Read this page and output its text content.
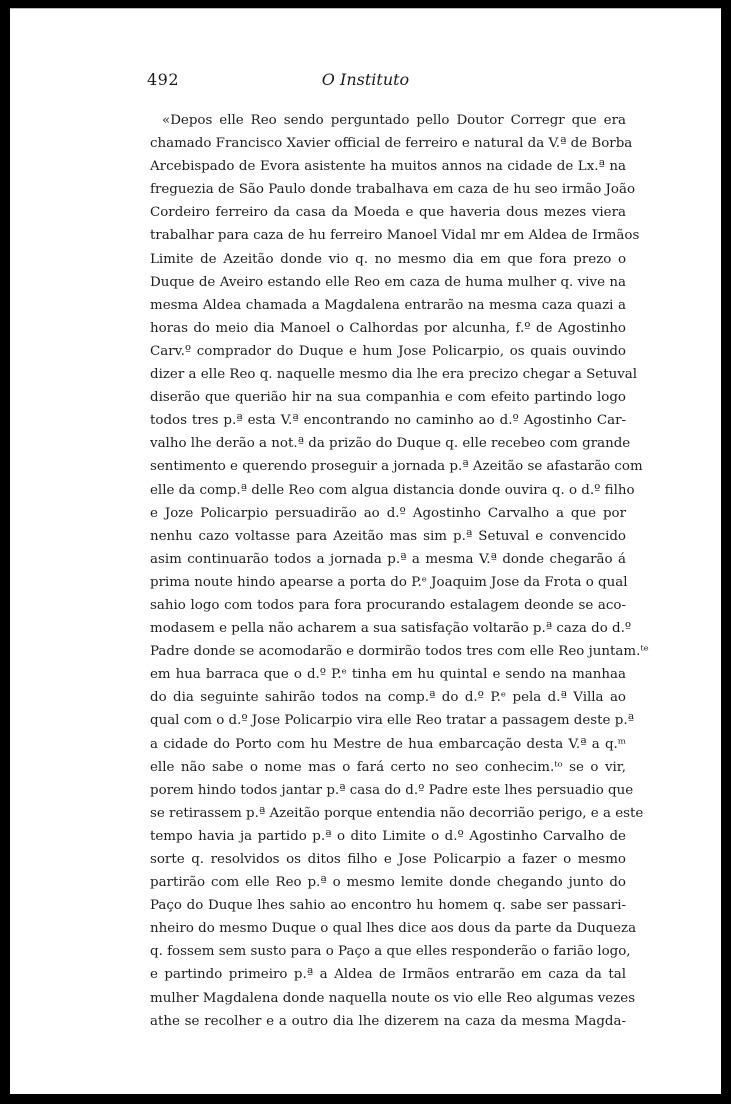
492	O Instituto
«Depos elle Reo sendo perguntado pello Doutor Corregr que era
chamado Francisco Xavier official de ferreiro e natural da V.ª de Borba
Arcebispado de Evora asistente ha muitos annos na cidade de Lx.ª na
freguezia de São Paulo donde trabalhava em caza de hu seo irmão João
Cordeiro ferreiro da casa da Moeda e que haveria dous mezes viera
trabalhar para caza de hu ferreiro Manoel Vidal mr em Aldea de Irmãos
Limite de Azeitão donde vio q. no mesmo dia em que fora prezo o
Duque de Aveiro estando elle Reo em caza de huma mulher q. vive na
mesma Aldea chamada a Magdalena entrarão na mesma caza quazi a
horas do meio dia Manoel o Calhordas por alcunha, f.º de Agostinho
Carv.º comprador do Duque e hum Jose Policarpio, os quais ouvindo
dizer a elle Reo q. naquelle mesmo dia lhe era precizo chegar a Setuval
diserão que querião hir na sua companhia e com efeito partindo logo
todos tres p.ª esta V.ª encontrando no caminho ao d.º Agostinho Car-
valho lhe derão a not.ª da prizão do Duque q. elle recebeo com grande
sentimento e querendo proseguir a jornada p.ª Azeitão se afastarão com
elle da comp.ª delle Reo com algua distancia donde ouvira q. o d.º filho
e Joze Policarpio persuadirão ao d.º Agostinho Carvalho a que por
nenhu cazo voltasse para Azeitão mas sim p.ª Setuval e convencido
asim continuarão todos a jornada p.ª a mesma V.ª donde chegarão á
prima noute hindo apearse a porta do P.ᵉ Joaquim Jose da Frota o qual
sahio logo com todos para fora procurando estalagem deonde se aco-
modasem e pella não acharem a sua satisfação voltarão p.ª caza do d.º
Padre donde se acomodarão e dormirão todos tres com elle Reo juntam.ᵗᵉ
em hua barraca que o d.º P.ᵉ tinha em hu quintal e sendo na manhaa
do dia seguinte sahirão todos na comp.ª do d.º P.ᵉ pela d.ª Villa ao
qual com o d.º Jose Policarpio vira elle Reo tratar a passagem deste p.ª
a cidade do Porto com hu Mestre de hua embarcação desta V.ª a q.ᵐ
elle não sabe o nome mas o fará certo no seo conhecim.ᵗᵒ se o vir,
porem hindo todos jantar p.ª casa do d.º Padre este lhes persuadio que
se retirassem p.ª Azeitão porque entendia não decorrião perigo, e a este
tempo havia ja partido p.ª o dito Limite o d.º Agostinho Carvalho de
sorte q. resolvidos os ditos filho e Jose Policarpio a fazer o mesmo
partirão com elle Reo p.ª o mesmo lemite donde chegando junto do
Paço do Duque lhes sahio ao encontro hu homem q. sabe ser passari-
nheiro do mesmo Duque o qual lhes dice aos dous da parte da Duqueza
q. fossem sem susto para o Paço a que elles responderão o farião logo,
e partindo primeiro p.ª a Aldea de Irmãos entrarão em caza da tal
mulher Magdalena donde naquella noute os vio elle Reo algumas vezes
athe se recolher e a outro dia lhe dizerem na caza da mesma Magda-
